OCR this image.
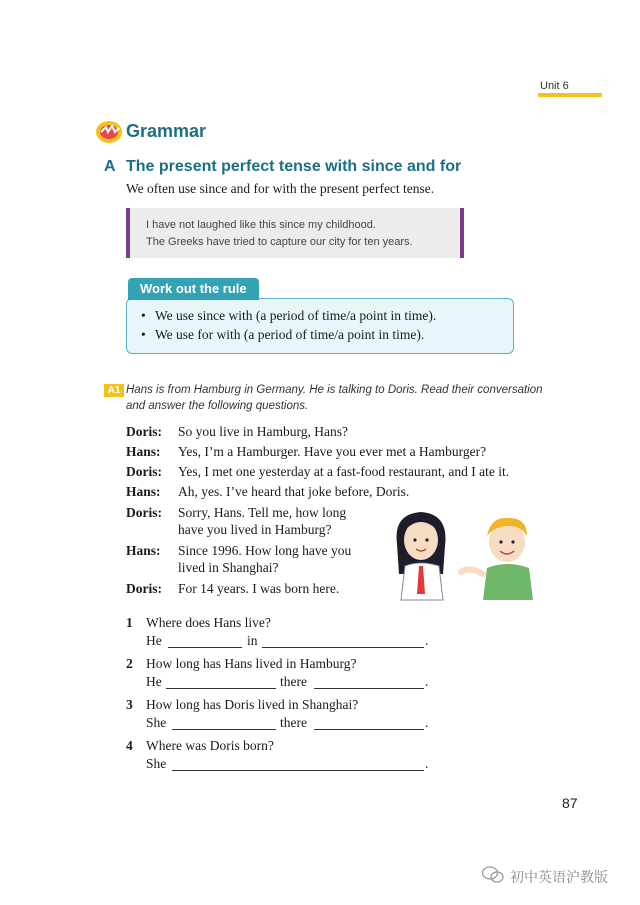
Unit 6
Grammar
A The present perfect tense with since and for
We often use since and for with the present perfect tense.
I have not laughed like this since my childhood.
The Greeks have tried to capture our city for ten years.
• We use since with (a period of time/a point in time).
• We use for with (a period of time/a point in time).
Work out the rule
A1 Hans is from Hamburg in Germany. He is talking to Doris. Read their conversation
and answer the following questions.
Doris: So you live in Hamburg, Hans?
Hans: Yes, I’m a Hamburger. Have you ever met a Hamburger?
Doris: Yes, I met one yesterday at a fast-food restaurant, and I ate it.
Hans: Ah, yes. I’ve heard that joke before, Doris.
Doris: Sorry, Hans. Tell me, how long
have you lived in Hamburg?
Hans: Since 1996. How long have you
lived in Shanghai?
Doris: For 14 years. I was born here.
1 Where does Hans live?
He	in	.
2 How long has Hans lived in Hamburg?
He	there	.
3 How long has Doris lived in Shanghai?
She	there	.
4 Where was Doris born?
She	.
87
初中英语沪教版
